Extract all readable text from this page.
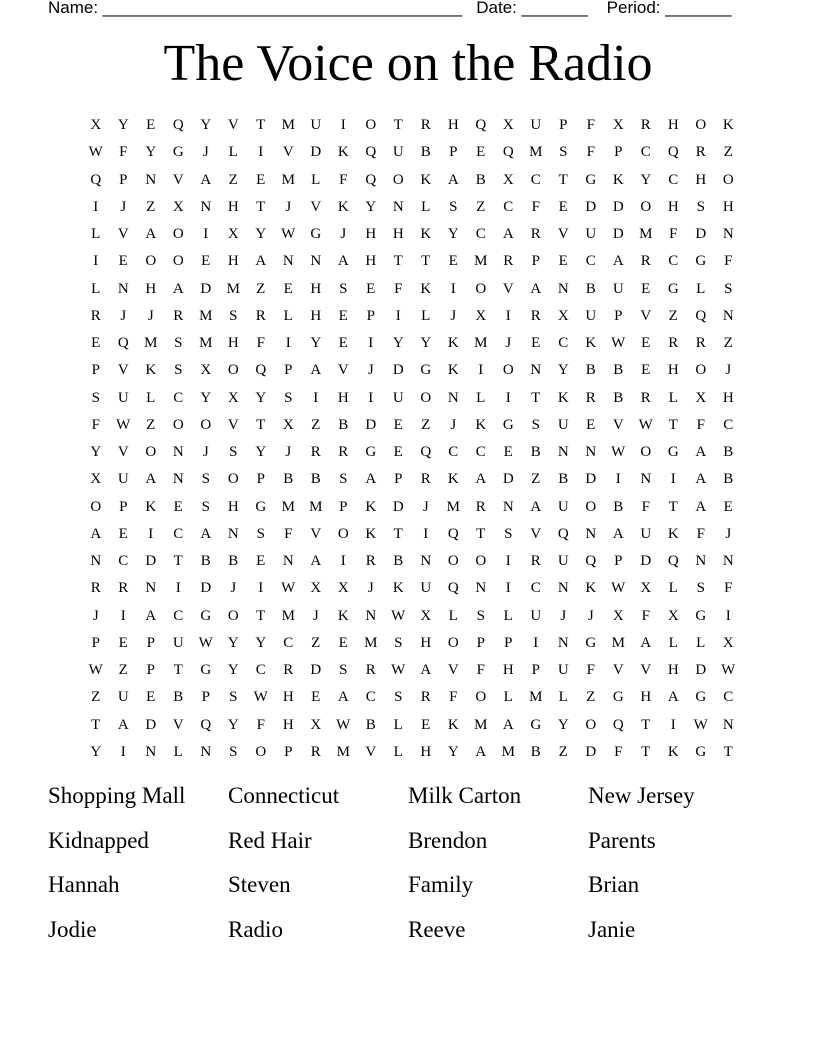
Name: ______________________________________   Date: _______    Period: _______
The Voice on the Radio
X	Y	E	Q	Y	V	T	M	U	I	O	T	R	H	Q	X	U	P	F	X	R	H	O	K
W	F	Y	G	J	L	I	V	D	K	Q	U	B	P	E	Q	M	S	F	P	C	Q	R	Z
Q	P	N	V	A	Z	E	M	L	F	Q	O	K	A	B	X	C	T	G	K	Y	C	H	O
I	J	Z	X	N	H	T	J	V	K	Y	N	L	S	Z	C	F	E	D	D	O	H	S	H
L	V	A	O	I	X	Y W	G	J	H	H	K	Y	C	A	R	V	U	D	M	F	D	N
I	E	O	O	E	H	A	N	N	A	H	T	T	E	M	R	P	E	C	A	R	C	G	F
L	N	H	A	D	M	Z	E	H	S	E	F	K	I	O	V	A	N	B	U	E	G	L	S
R	J	J	R	M	S	R	L	H	E	P	I	L	J	X	I	R	X	U	P	V	Z	Q	N
E	Q	M	S	M	H	F	I	Y	E	I	Y	Y	K	M	J	E	C	K W	E	R	R	Z
P	V	K	S	X	O	Q	P	A	V	J	D	G	K	I	O	N	Y	B	B	E	H	O	J
S	U	L	C	Y	X	Y	S	I	H	I	U	O	N	L	I	T	K	R	B	R	L	X	H
F	W	Z	O	O	V	T	X	Z	B	D	E	Z	J	K	G	S	U	E	V W	T	F	C
Y	V	O	N	J	S	Y	J	R	R	G	E	Q	C	C	E	B	N	N W	O	G	A	B
X	U	A	N	S	O	P	B	B	S	A	P	R	K	A	D	Z	B	D	I	N	I	A	B
O	P	K	E	S	H	G	M M	P	K	D	J	M	R	N	A	U	O	B	F	T	A	E
A	E	I	C	A	N	S	F	V	O	K	T	I	Q	T	S	V	Q	N	A	U	K	F	J
N	C	D	T	B	B	E	N	A	I	R	B	N	O	O	I	R	U	Q	P	D	Q	N	N
R	R	N	I	D	J	I	W	X	X	J	K	U	Q	N	I	C	N	K W	X	L	S	F
J	I	A	C	G	O	T	M	J	K	N W	X	L	S	L	U	J	J	X	F	X	G	I
P	E	P	U W	Y	Y	C	Z	E	M	S	H	O	P	P	I	N	G	M	A	L	L	X
W	Z	P	T	G	Y	C	R	D	S	R	W	A	V	F	H	P	U	F	V	V	H	D W
Z	U	E	B	P	S	W	H	E	A	C	S	R	F	O	L	M	L	Z	G	H	A	G	C
T	A	D	V	Q	Y	F	H	X W	B	L	E	K	M	A	G	Y	O	Q	T	I	W	N
Y	I	N	L	N	S	O	P	R	M	V	L	H	Y	A	M	B	Z	D	F	T	K	G	T
Shopping Mall	Connecticut	Milk Carton	New Jersey
Kidnapped	Red Hair	Brendon	Parents
Hannah	Steven	Family	Brian
Jodie	Radio	Reeve	Janie
